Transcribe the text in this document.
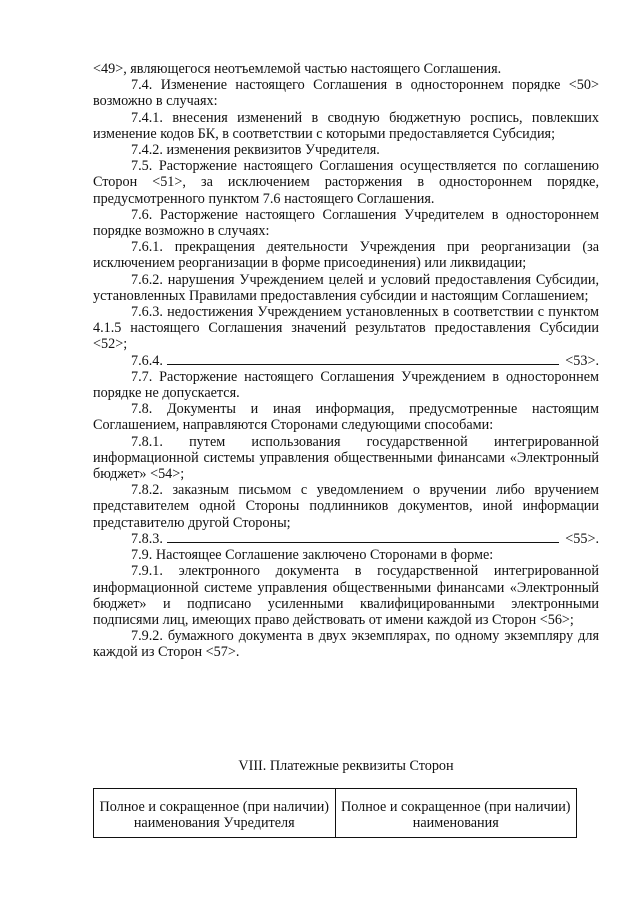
<49>, являющегося неотъемлемой частью настоящего Соглашения.

7.4. Изменение настоящего Соглашения в одностороннем порядке <50> возможно в случаях:

7.4.1. внесения изменений в сводную бюджетную роспись, повлекших изменение кодов БК, в соответствии с которыми предоставляется Субсидия;

7.4.2. изменения реквизитов Учредителя.

7.5. Расторжение настоящего Соглашения осуществляется по соглашению Сторон <51>, за исключением расторжения в одностороннем порядке, предусмотренного пунктом 7.6 настоящего Соглашения.

7.6. Расторжение настоящего Соглашения Учредителем в одностороннем порядке возможно в случаях:

7.6.1. прекращения деятельности Учреждения при реорганизации (за исключением реорганизации в форме присоединения) или ликвидации;

7.6.2. нарушения Учреждением целей и условий предоставления Субсидии, установленных Правилами предоставления субсидии и настоящим Соглашением;

7.6.3. недостижения Учреждением установленных в соответствии с пунктом 4.1.5 настоящего Соглашения значений результатов предоставления Субсидии <52>;

7.6.4.	<53>.

7.7. Расторжение настоящего Соглашения Учреждением в одностороннем порядке не допускается.

7.8. Документы и иная информация, предусмотренные настоящим Соглашением, направляются Сторонами следующими способами:

7.8.1. путем использования государственной интегрированной информационной системы управления общественными финансами «Электронный бюджет» <54>;

7.8.2. заказным письмом с уведомлением о вручении либо вручением представителем одной Стороны подлинников документов, иной информации представителю другой Стороны;

7.8.3.	<55>.

7.9. Настоящее Соглашение заключено Сторонами в форме:

7.9.1. электронного документа в государственной интегрированной информационной системе управления общественными финансами «Электронный бюджет» и подписано усиленными квалифицированными электронными подписями лиц, имеющих право действовать от имени каждой из Сторон <56>;

7.9.2. бумажного документа в двух экземплярах, по одному экземпляру для каждой из Сторон <57>.

VIII. Платежные реквизиты Сторон
Полное и сокращенное (при наличии) наименования Учредителя	Полное и сокращенное (при наличии) наименования
